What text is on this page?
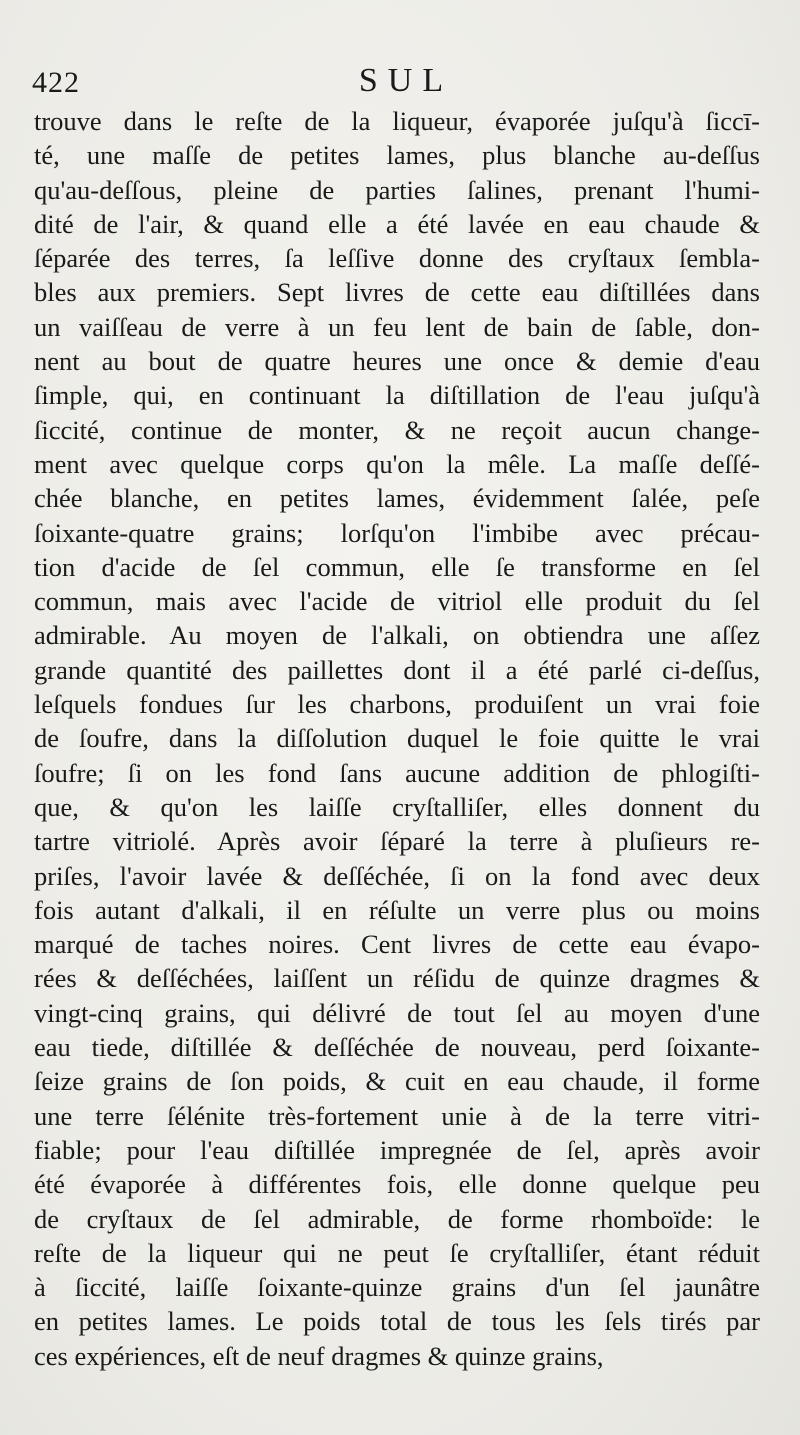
422	SUL
trouve dans le reſte de la liqueur, évaporée juſqu'à ſiccī-
té, une maſſe de petites lames, plus blanche au-deſſus
qu'au-deſſous, pleine de parties ſalines, prenant l'humi-
dité de l'air, & quand elle a été lavée en eau chaude &
ſéparée des terres, ſa leſſive donne des cryſtaux ſembla-
bles aux premiers. Sept livres de cette eau diſtillées dans
un vaiſſeau de verre à un feu lent de bain de ſable, don-
nent au bout de quatre heures une once & demie d'eau
ſimple, qui, en continuant la diſtillation de l'eau juſqu'à
ſiccité, continue de monter, & ne reçoit aucun change-
ment avec quelque corps qu'on la mêle. La maſſe deſſé-
chée blanche, en petites lames, évidemment ſalée, peſe
ſoixante-quatre grains; lorſqu'on l'imbibe avec précau-
tion d'acide de ſel commun, elle ſe transforme en ſel
commun, mais avec l'acide de vitriol elle produit du ſel
admirable. Au moyen de l'alkali, on obtiendra une aſſez
grande quantité des paillettes dont il a été parlé ci-deſſus,
leſquels fondues ſur les charbons, produiſent un vrai foie
de ſoufre, dans la diſſolution duquel le foie quitte le vrai
ſoufre; ſi on les fond ſans aucune addition de phlogiſti-
que, & qu'on les laiſſe cryſtalliſer, elles donnent du
tartre vitriolé. Après avoir ſéparé la terre à pluſieurs re-
priſes, l'avoir lavée & deſſéchée, ſi on la fond avec deux
fois autant d'alkali, il en réſulte un verre plus ou moins
marqué de taches noires. Cent livres de cette eau évapo-
rées & deſſéchées, laiſſent un réſidu de quinze dragmes &
vingt-cinq grains, qui délivré de tout ſel au moyen d'une
eau tiede, diſtillée & deſſéchée de nouveau, perd ſoixante-
ſeize grains de ſon poids, & cuit en eau chaude, il forme
une terre ſélénite très-fortement unie à de la terre vitri-
fiable; pour l'eau diſtillée impregnée de ſel, après avoir
été évaporée à différentes fois, elle donne quelque peu
de cryſtaux de ſel admirable, de forme rhomboïde: le
reſte de la liqueur qui ne peut ſe cryſtalliſer, étant réduit
à ſiccité, laiſſe ſoixante-quinze grains d'un ſel jaunâtre
en petites lames. Le poids total de tous les ſels tirés par
ces expériences, eſt de neuf dragmes & quinze grains,
